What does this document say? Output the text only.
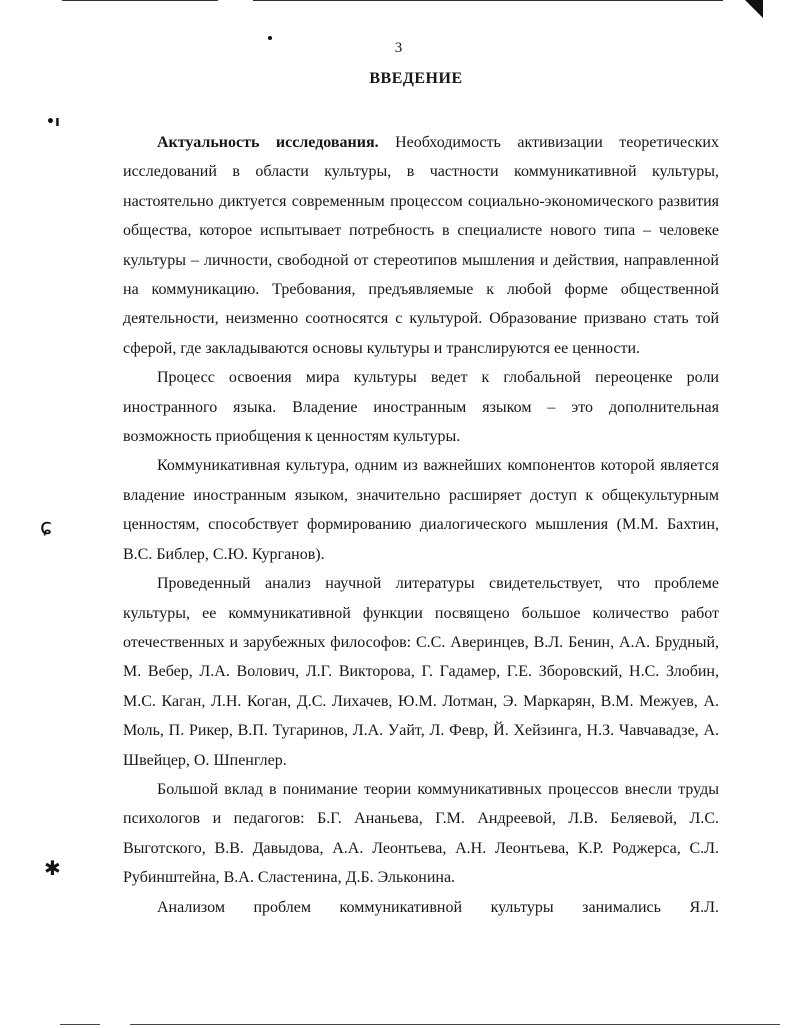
•ı
ɕ
✱
3
ВВЕДЕНИЕ

Актуальность исследования. Необходимость активизации теоретических исследований в области культуры, в частности коммуникативной культуры, настоятельно диктуется современным процессом социально-экономического развития общества, которое испытывает потребность в специалисте нового типа – человеке культуры – личности, свободной от стереотипов мышления и действия, направленной на коммуникацию. Требования, предъявляемые к любой форме общественной деятельности, неизменно соотносятся с культурой. Образование призвано стать той сферой, где закладываются основы культуры и транслируются ее ценности.

Процесс освоения мира культуры ведет к глобальной переоценке роли иностранного языка. Владение иностранным языком – это дополнительная возможность приобщения к ценностям культуры.

Коммуникативная культура, одним из важнейших компонентов которой является владение иностранным языком, значительно расширяет доступ к общекультурным ценностям, способствует формированию диалогического мышления (М.М. Бахтин, В.С. Библер, С.Ю. Курганов).

Проведенный анализ научной литературы свидетельствует, что проблеме культуры, ее коммуникативной функции посвящено большое количество работ отечественных и зарубежных философов: С.С. Аверинцев, В.Л. Бенин, А.А. Брудный, М. Вебер, Л.А. Волович, Л.Г. Викторова, Г. Гадамер, Г.Е. Зборовский, Н.С. Злобин, М.С. Каган, Л.Н. Коган, Д.С. Лихачев, Ю.М. Лотман, Э. Маркарян, В.М. Межуев, А. Моль, П. Рикер, В.П. Тугаринов, Л.А. Уайт, Л. Февр, Й. Хейзинга, Н.З. Чавчавадзе, А. Швейцер, О. Шпенглер.

Большой вклад в понимание теории коммуникативных процессов внесли труды психологов и педагогов: Б.Г. Ананьева, Г.М. Андреевой, Л.В. Беляевой, Л.С. Выготского, В.В. Давыдова, А.А. Леонтьева, А.Н. Леонтьева, К.Р. Роджерса, С.Л. Рубинштейна, В.А. Сластенина, Д.Б. Эльконина.

Анализом проблем коммуникативной культуры занимались Я.Л.
